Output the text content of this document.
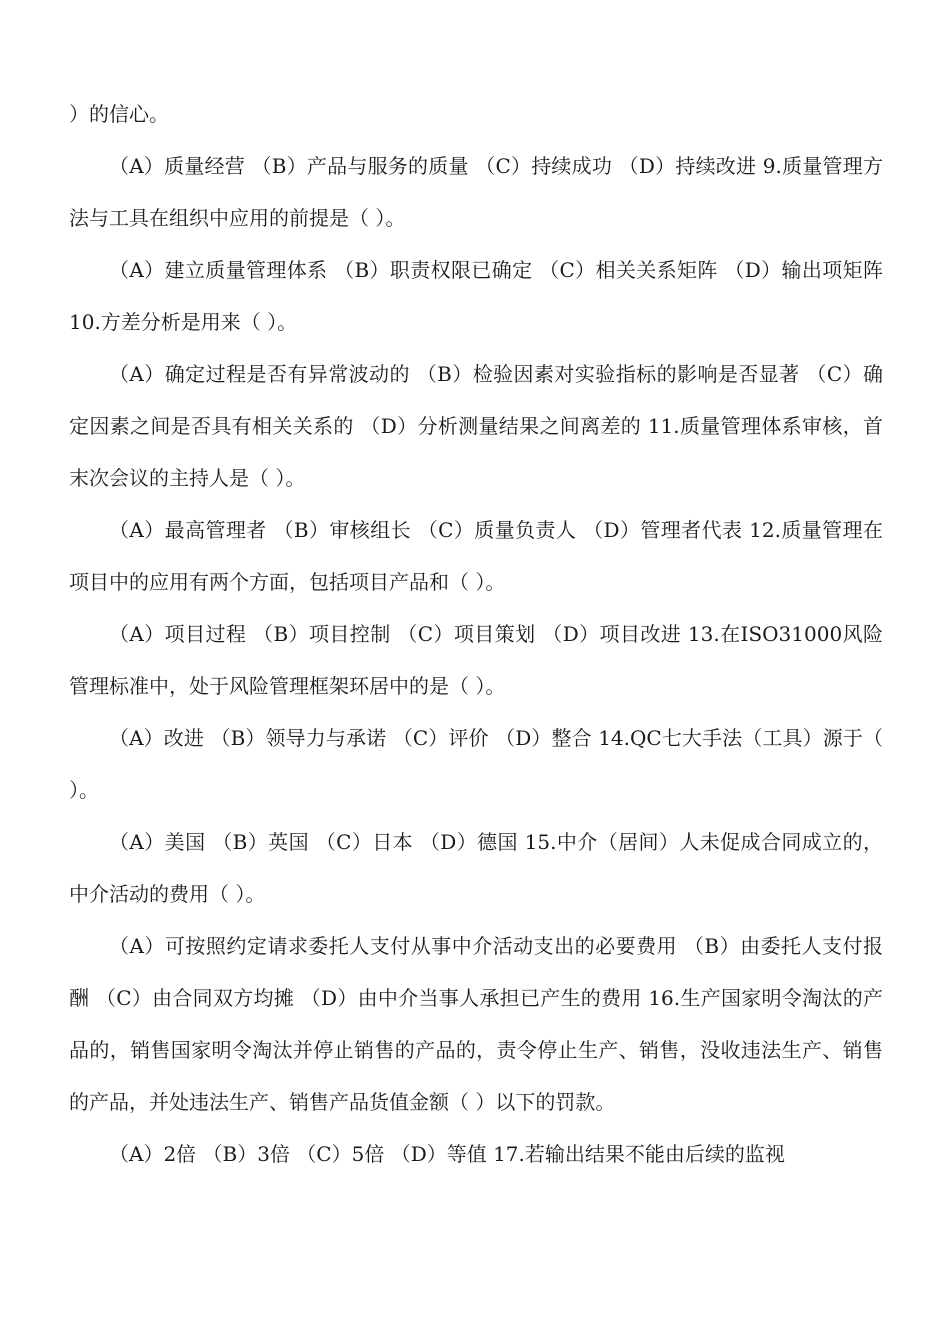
）的信心。

（A）质量经营 （B）产品与服务的质量 （C）持续成功 （D）持续改进 9.质量管理方法与工具在组织中应用的前提是（ ）。

（A）建立质量管理体系 （B）职责权限已确定 （C）相关关系矩阵 （D）输出项矩阵 10.方差分析是用来（ ）。

（A）确定过程是否有异常波动的 （B）检验因素对实验指标的影响是否显著 （C）确定因素之间是否具有相关关系的 （D）分析测量结果之间离差的 11.质量管理体系审核，首末次会议的主持人是（ ）。

（A）最高管理者 （B）审核组长 （C）质量负责人 （D）管理者代表 12.质量管理在项目中的应用有两个方面，包括项目产品和（ ）。

（A）项目过程 （B）项目控制 （C）项目策划 （D）项目改进 13.在ISO31000风险管理标准中，处于风险管理框架环居中的是（ ）。

（A）改进 （B）领导力与承诺 （C）评价 （D）整合 14.QC七大手法（工具）源于（ ）。

（A）美国 （B）英国 （C）日本 （D）德国 15.中介（居间）人未促成合同成立的，中介活动的费用（ ）。

（A）可按照约定请求委托人支付从事中介活动支出的必要费用 （B）由委托人支付报酬 （C）由合同双方均摊 （D）由中介当事人承担已产生的费用 16.生产国家明令淘汰的产品的，销售国家明令淘汰并停止销售的产品的，责令停止生产、销售，没收违法生产、销售的产品，并处违法生产、销售产品货值金额（ ）以下的罚款。

（A）2倍 （B）3倍 （C）5倍 （D）等值 17.若输出结果不能由后续的监视
